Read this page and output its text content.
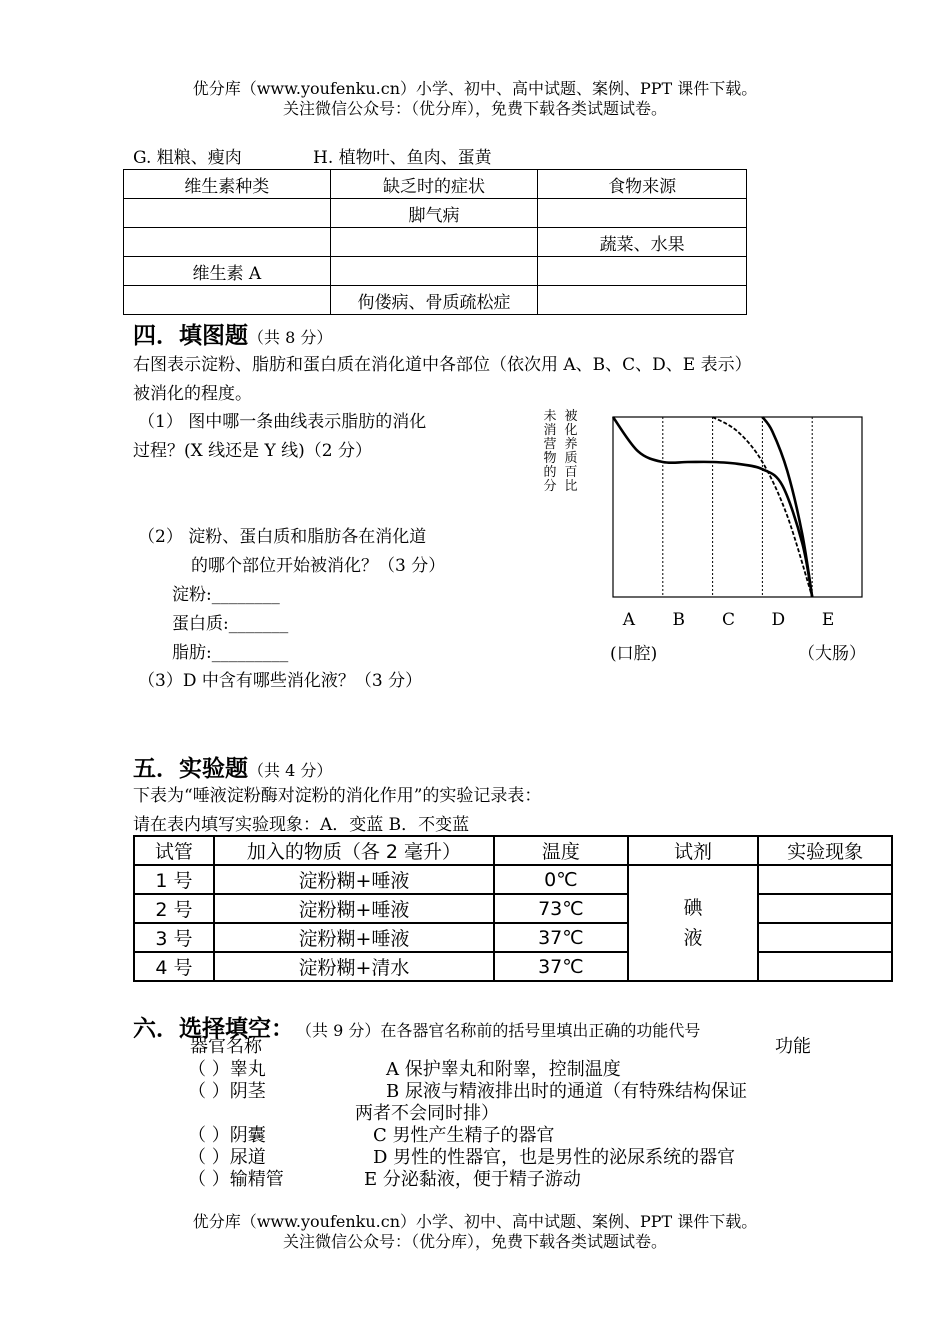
优分库（www.youfenku.cn）小学、初中、高中试题、案例、PPT 课件下载。
关注微信公众号：（优分库），免费下载各类试题试卷。
G. 粗粮、瘦肉	H. 植物叶、鱼肉、蛋黄
维生素种类	缺乏时的症状	食物来源
	脚气病	
		蔬菜、水果
维生素 A		
	佝偻病、骨质疏松症	
四．填图题（共 8 分）
右图表示淀粉、脂肪和蛋白质在消化道中各部位（依次用 A、B、C、D、E 表示）
被消化的程度。
（1） 图中哪一条曲线表示脂肪的消化
过程？(X 线还是 Y 线)（2 分）
（2） 淀粉、蛋白质和脂肪各在消化道
的哪个部位开始被消化？（3 分）
淀粉:________
蛋白质:_______
脂肪:_________
（3）D 中含有哪些消化液？（3 分）
未消营物的分
被化养质百比
A	B	C	D	E
(口腔)	（大肠）
五．实验题（共 4 分）
下表为“唾液淀粉酶对淀粉的消化作用”的实验记录表：
请在表内填写实验现象：A．变蓝 B．不变蓝
试管	加入的物质（各 2 毫升）	温度	试剂	实验现象
1 号	淀粉糊+唾液	0℃	碘
液	

2 号	淀粉糊+唾液	73℃		
3 号	淀粉糊+唾液	37℃		
4 号	淀粉糊+清水	37℃		
六．选择填空： （共 9 分）在各器官名称前的括号里填出正确的功能代号
器官名称	功能
（ ）睾丸
（ ）阴茎
（ ）阴囊
（ ）尿道
（ ）输精管
A 保护睾丸和附睾，控制温度
B 尿液与精液排出时的通道（有特殊结构保证
两者不会同时排）
C 男性产生精子的器官
D 男性的性器官，也是男性的泌尿系统的器官
E 分泌黏液，便于精子游动
优分库（www.youfenku.cn）小学、初中、高中试题、案例、PPT 课件下载。
关注微信公众号：（优分库），免费下载各类试题试卷。
